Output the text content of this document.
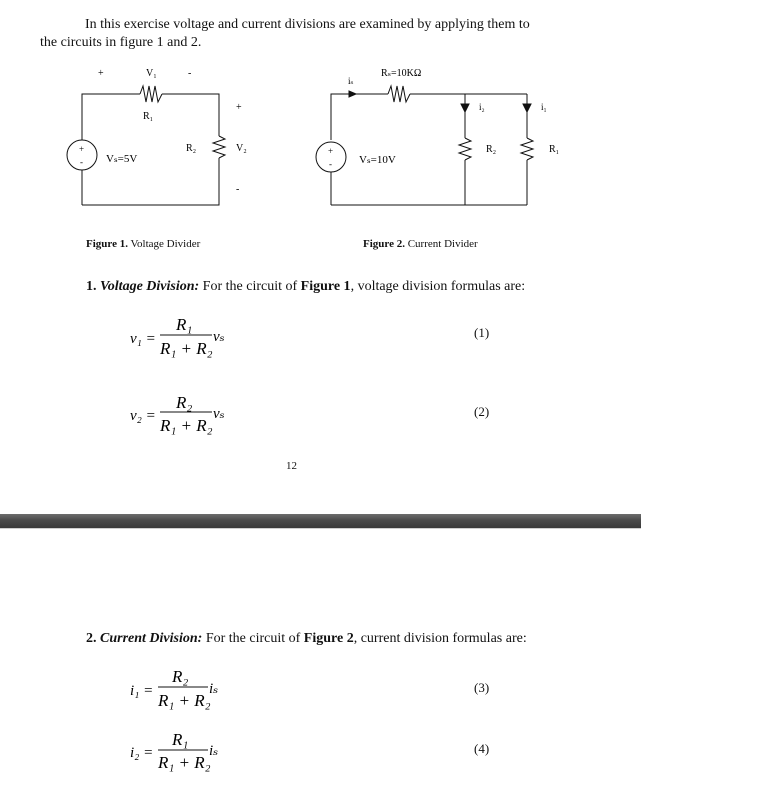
In this exercise voltage and current divisions are examined by applying them to
the circuits in figure 1 and 2.
+	V₁	-
R₁
+
R₂	V₂
-
+
- Vₛ=5V
Rₛ=10KΩ
iₛ
i₂	i₁
R₂	R₁
+
- Vₛ=10V
Figure 1. Voltage Divider	Figure 2. Current Divider
1. Voltage Division: For the circuit of Figure 1, voltage division formulas are:
v₁ =
R₁
R₁ + R₂
vₛ
v₂ =
R₂
R₁ + R₂
vₛ
(1)
(2)
12
2. Current Division: For the circuit of Figure 2, current division formulas are:
i₁ =
R₂
R₁ + R₂
iₛ
i₂ =
R₁
R₁ + R₂
iₛ
(3)
(4)
